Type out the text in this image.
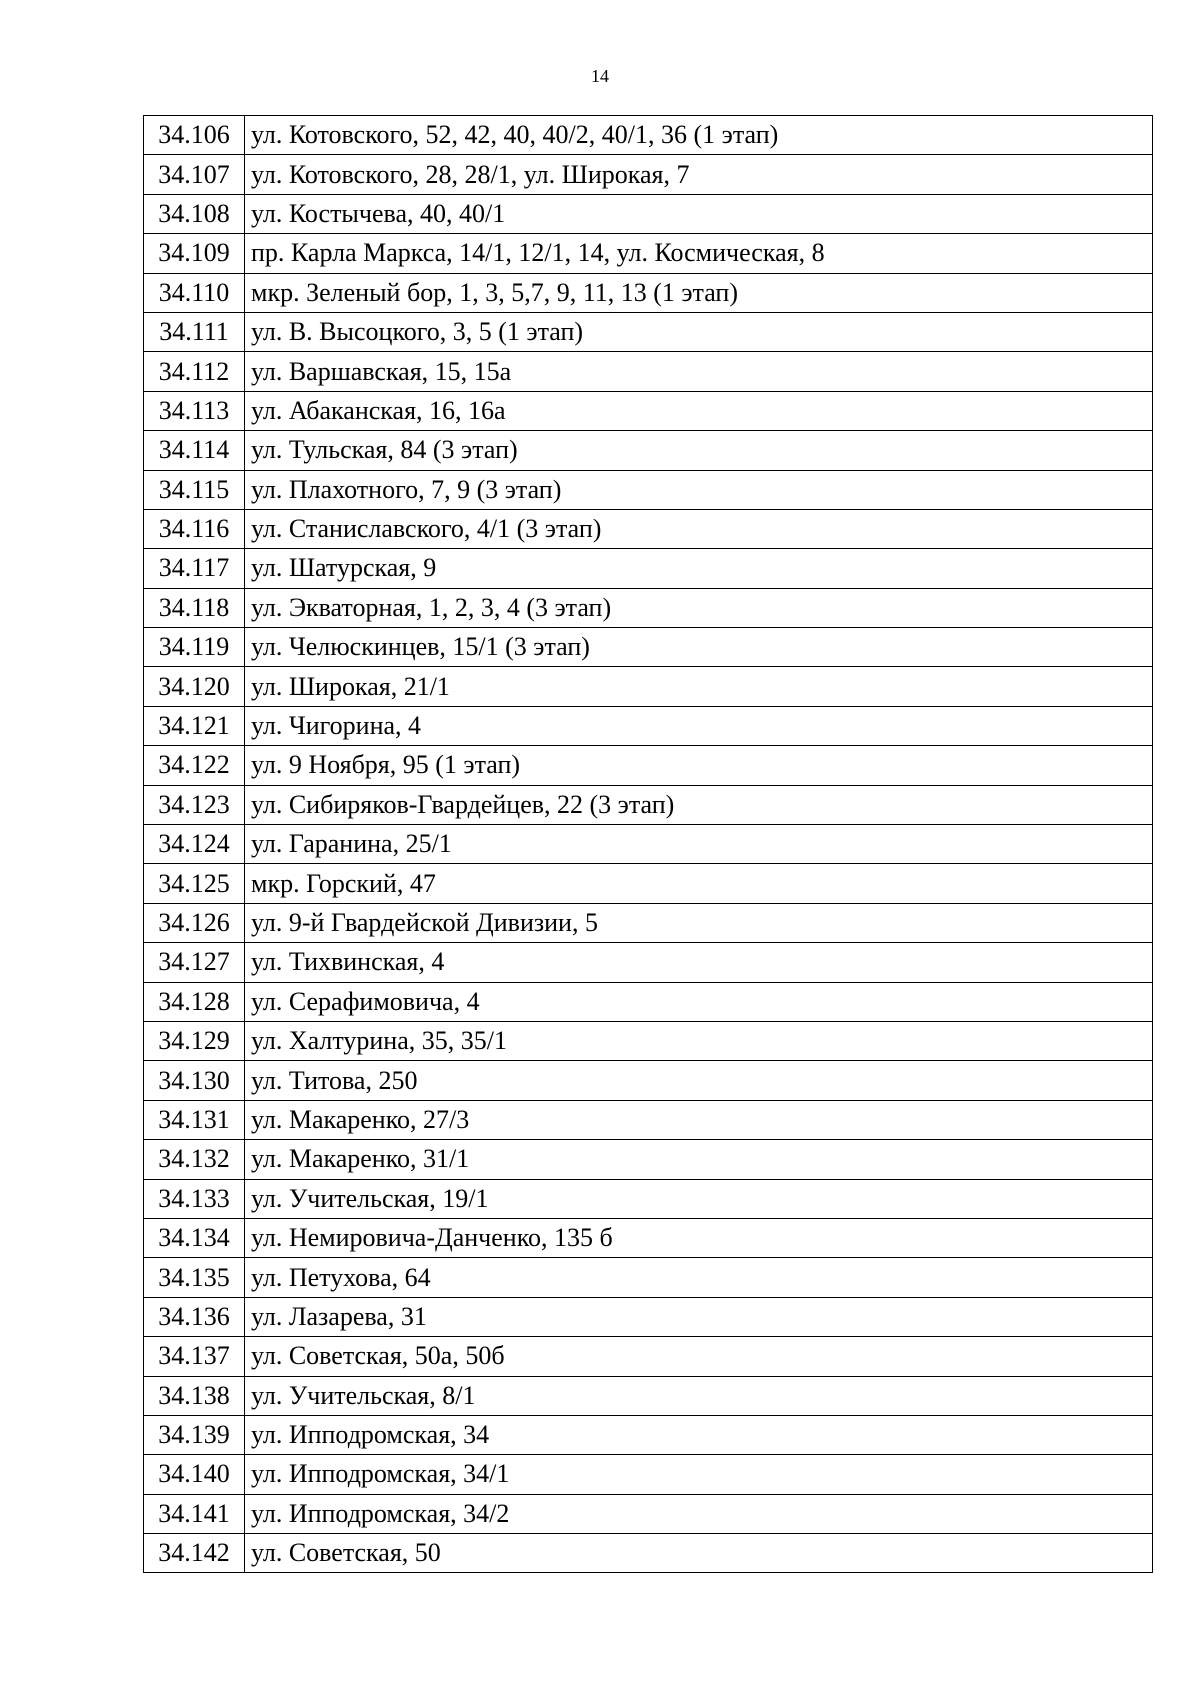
14
34.106	ул. Котовского, 52, 42, 40, 40/2, 40/1, 36 (1 этап)
34.107	ул. Котовского, 28, 28/1, ул. Широкая, 7
34.108	ул. Костычева, 40, 40/1
34.109	пр. Карла Маркса, 14/1, 12/1, 14, ул. Космическая, 8
34.110	мкр. Зеленый бор, 1, 3, 5,7, 9, 11, 13 (1 этап)
34.111	ул. В. Высоцкого, 3, 5 (1 этап)
34.112	ул. Варшавская, 15, 15а
34.113	ул. Абаканская, 16, 16а
34.114	ул. Тульская, 84 (3 этап)
34.115	ул. Плахотного, 7, 9 (3 этап)
34.116	ул. Станиславского, 4/1 (3 этап)
34.117	ул. Шатурская, 9
34.118	ул. Экваторная, 1, 2, 3, 4 (3 этап)
34.119	ул. Челюскинцев, 15/1 (3 этап)
34.120	ул. Широкая, 21/1
34.121	ул. Чигорина, 4
34.122	ул. 9 Ноября, 95 (1 этап)
34.123	ул. Сибиряков-Гвардейцев, 22 (3 этап)
34.124	ул. Гаранина, 25/1
34.125	мкр. Горский, 47
34.126	ул. 9-й Гвардейской Дивизии, 5
34.127	ул. Тихвинская, 4
34.128	ул. Серафимовича, 4
34.129	ул. Халтурина, 35, 35/1
34.130	ул. Титова, 250
34.131	ул. Макаренко, 27/3
34.132	ул. Макаренко, 31/1
34.133	ул. Учительская, 19/1
34.134	ул. Немировича-Данченко, 135 б
34.135	ул. Петухова, 64
34.136	ул. Лазарева, 31
34.137	ул. Советская, 50а, 50б
34.138	ул. Учительская, 8/1
34.139	ул. Ипподромская, 34
34.140	ул. Ипподромская, 34/1
34.141	ул. Ипподромская, 34/2
34.142	ул. Советская, 50
